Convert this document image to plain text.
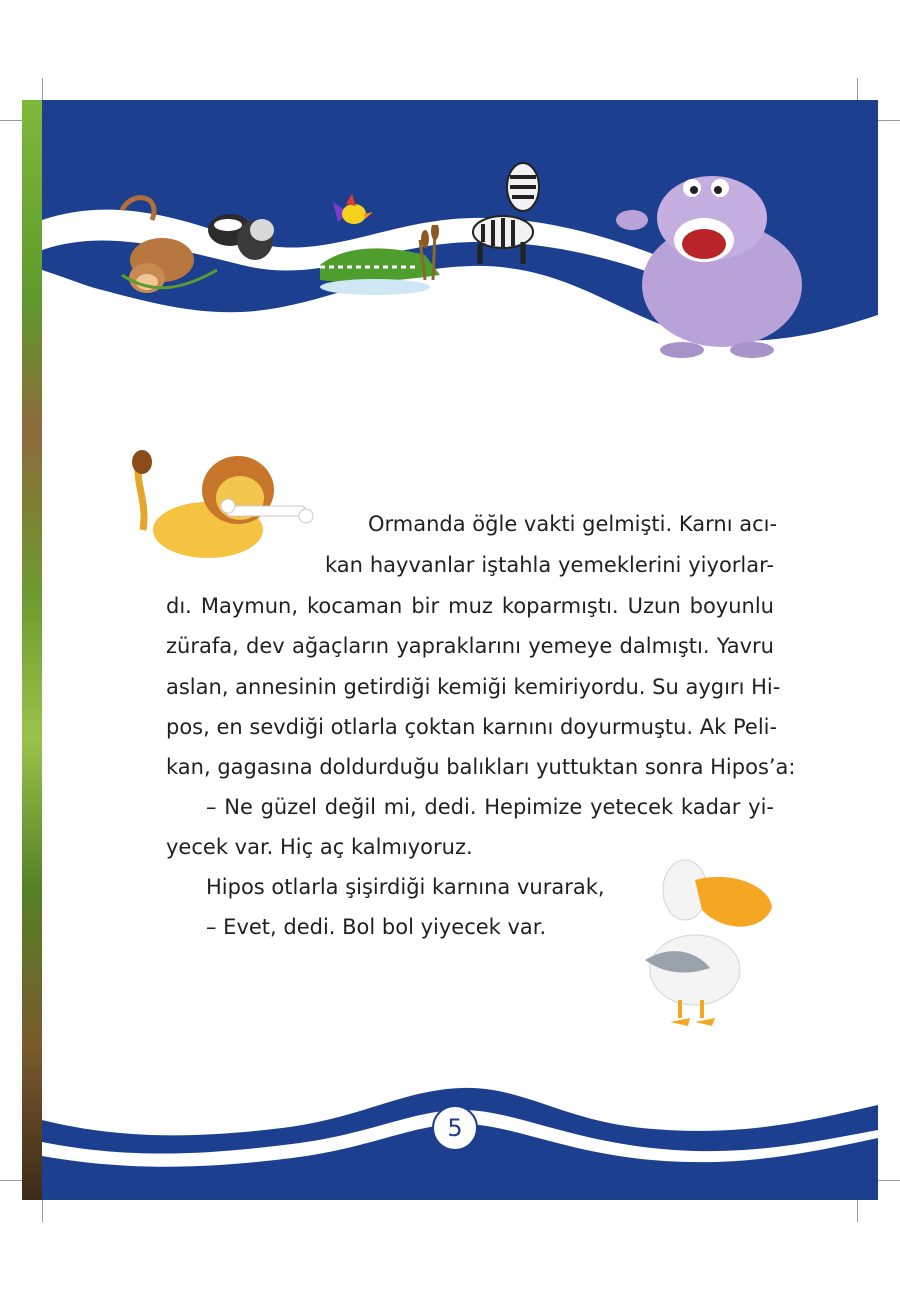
Ormanda öğle vakti gelmişti. Karnı acı-
kan hayvanlar iştahla yemeklerini yiyorlar-
dı. Maymun, kocaman bir muz koparmıştı. Uzun boyunlu
zürafa, dev ağaçların yapraklarını yemeye dalmıştı. Yavru
aslan, annesinin getirdiği kemiği kemiriyordu. Su aygırı Hi-
pos, en sevdiği otlarla çoktan karnını doyurmuştu. Ak Peli-
kan, gagasına doldurduğu balıkları yuttuktan sonra Hipos’a:
– Ne güzel değil mi, dedi. Hepimize yetecek kadar yi-
yecek var. Hiç aç kalmıyoruz.
Hipos otlarla şişirdiği karnına vurarak,
– Evet, dedi. Bol bol yiyecek var.
5
